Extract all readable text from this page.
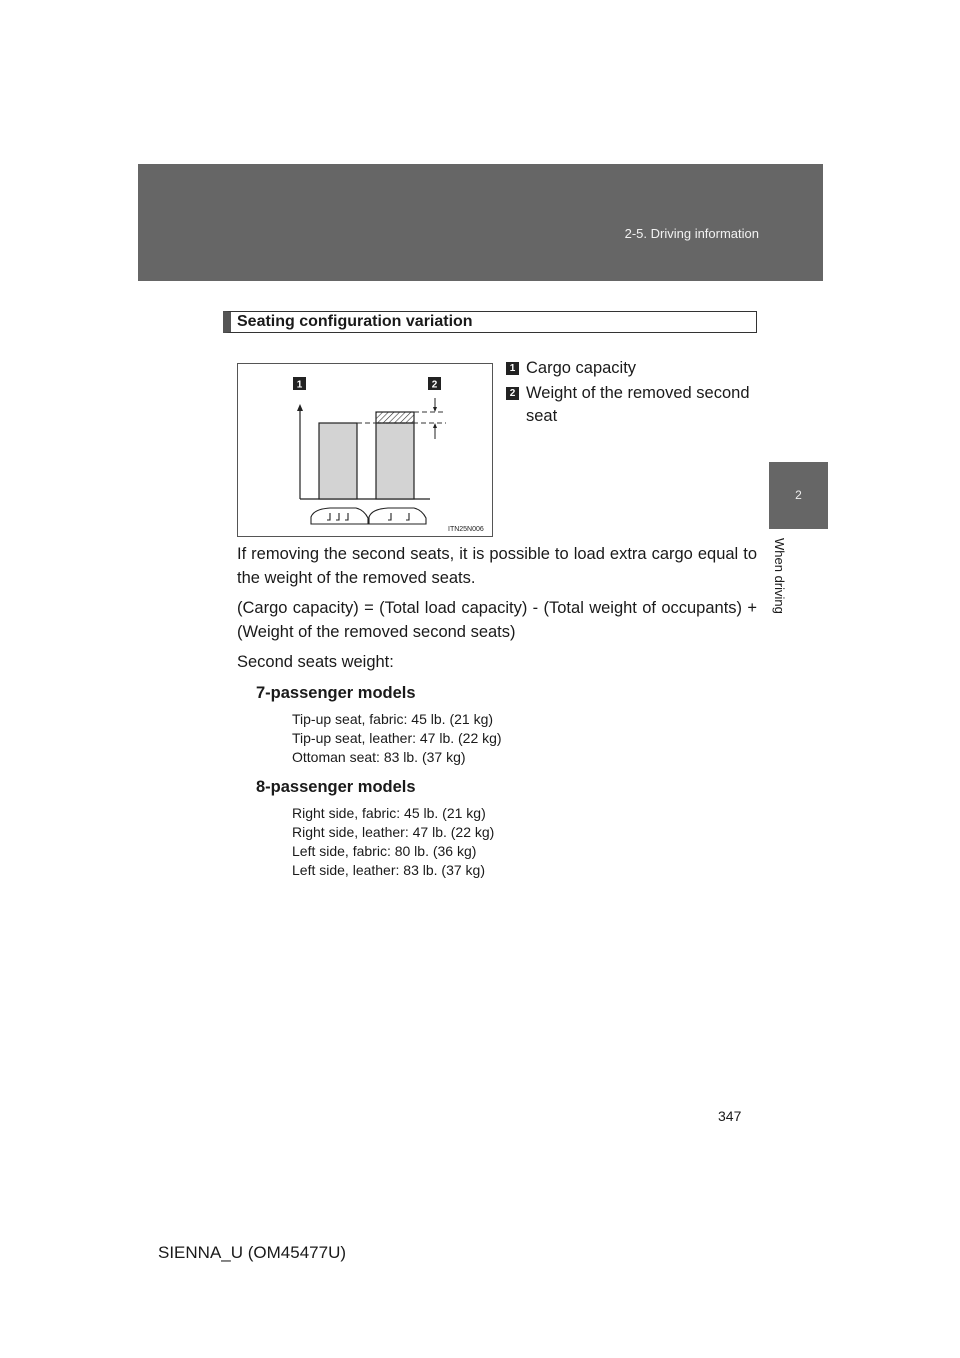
2-5. Driving information
2
When driving
Seating configuration variation
1	2
ITN25N006
1 Cargo capacity
2 Weight of the removed second seat

If removing the second seats, it is possible to load extra cargo equal to the weight of the removed seats.

(Cargo capacity) = (Total load capacity) - (Total weight of occupants) + (Weight of the removed second seats)

Second seats weight:

7-passenger models
Tip-up seat, fabric: 45 lb. (21 kg)
Tip-up seat, leather: 47 lb. (22 kg)
Ottoman seat: 83 lb. (37 kg)
8-passenger models
Right side, fabric: 45 lb. (21 kg)
Right side, leather: 47 lb. (22 kg)
Left side, fabric: 80 lb. (36 kg)
Left side, leather: 83 lb. (37 kg)
347
SIENNA_U (OM45477U)
